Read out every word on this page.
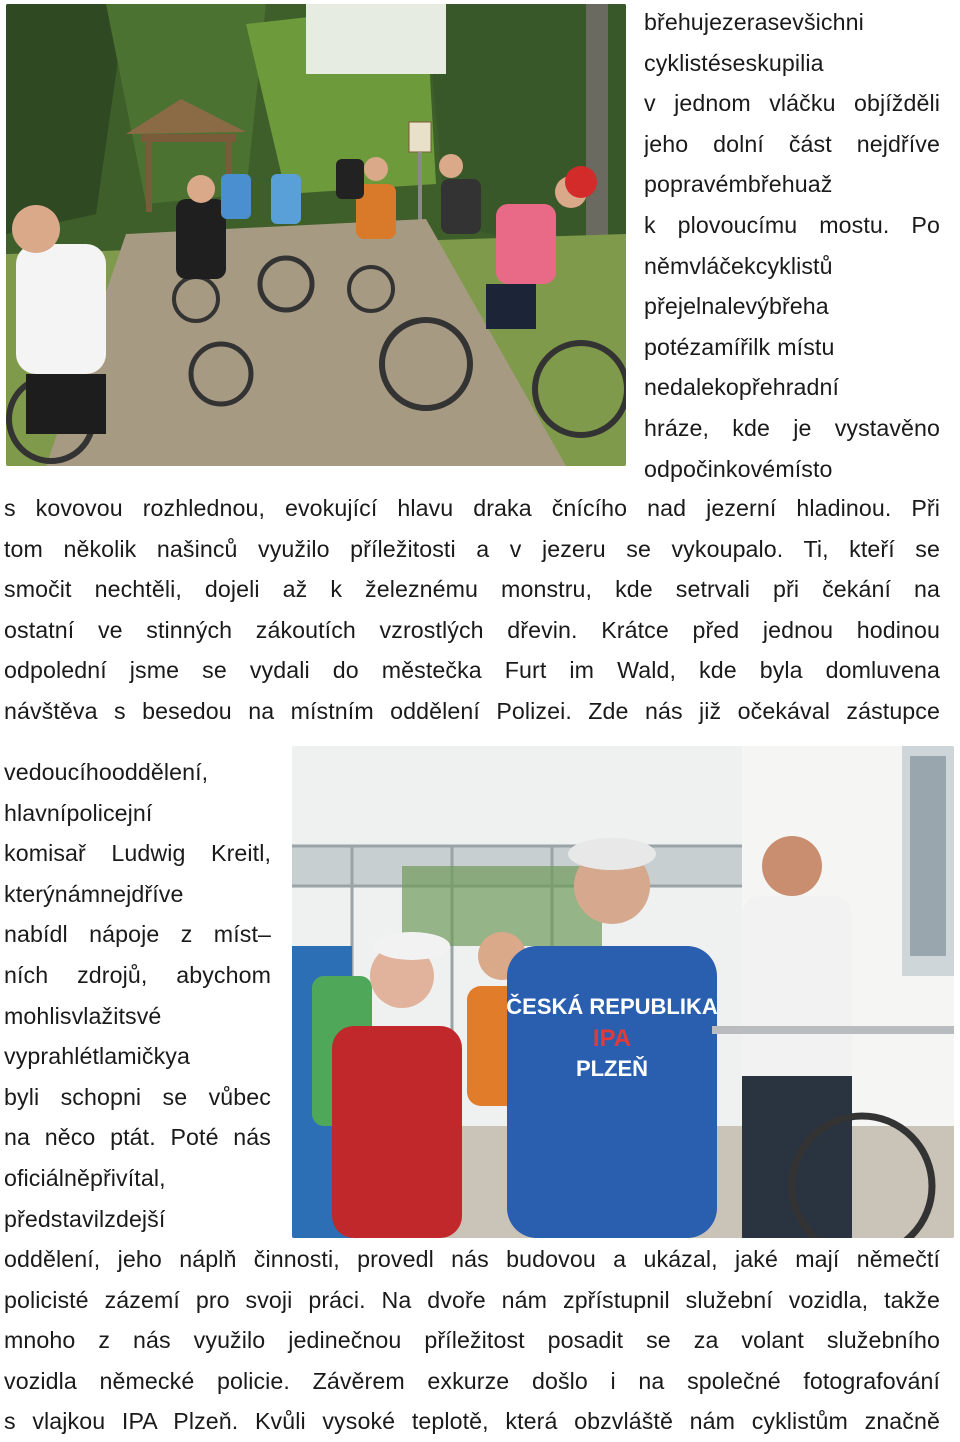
ČESKÁ REPUBLIKA
IPA
PLZEŇ
břehujezerasevšichni
cyklistéseskupilia
v jednom vláčku objížděli
jeho dolní část nejdříve
popravémbřehuaž
k plovoucímu mostu. Po
němvláčekcyklistů
přejelnalevýbřeha
potézamířilk místu
nedalekopřehradní
hráze, kde je vystavěno
odpočinkovémísto
s kovovou rozhlednou, evokující hlavu draka čnícího nad jezerní hladinou. Při
tom několik našinců využilo příležitosti a v jezeru se vykoupalo. Ti, kteří se
smočit nechtěli, dojeli až k železnému monstru, kde setrvali při čekání na
ostatní ve stinných zákoutích vzrostlých dřevin. Krátce před jednou hodinou
odpolední jsme se vydali do městečka Furt im Wald, kde byla domluvena
návštěva s besedou na místním oddělení Polizei. Zde nás již očekával zástupce
vedoucíhooddělení,
hlavnípolicejní
komisař Ludwig Kreitl,
kterýnámnejdříve
nabídl nápoje z míst–
ních zdrojů, abychom
mohlisvlažitsvé
vyprahlétlamičkya
byli schopni se vůbec
na něco ptát. Poté nás
oficiálněpřivítal,
představilzdejší
oddělení, jeho náplň činnosti, provedl nás budovou a ukázal, jaké mají němečtí
policisté zázemí pro svoji práci. Na dvoře nám zpřístupnil služební vozidla, takže
mnoho z nás využilo jedinečnou příležitost posadit se za volant služebního
vozidla německé policie. Závěrem exkurze došlo i na společné fotografování
s vlajkou IPA Plzeň. Kvůli vysoké teplotě, která obzvláště nám cyklistům značně
